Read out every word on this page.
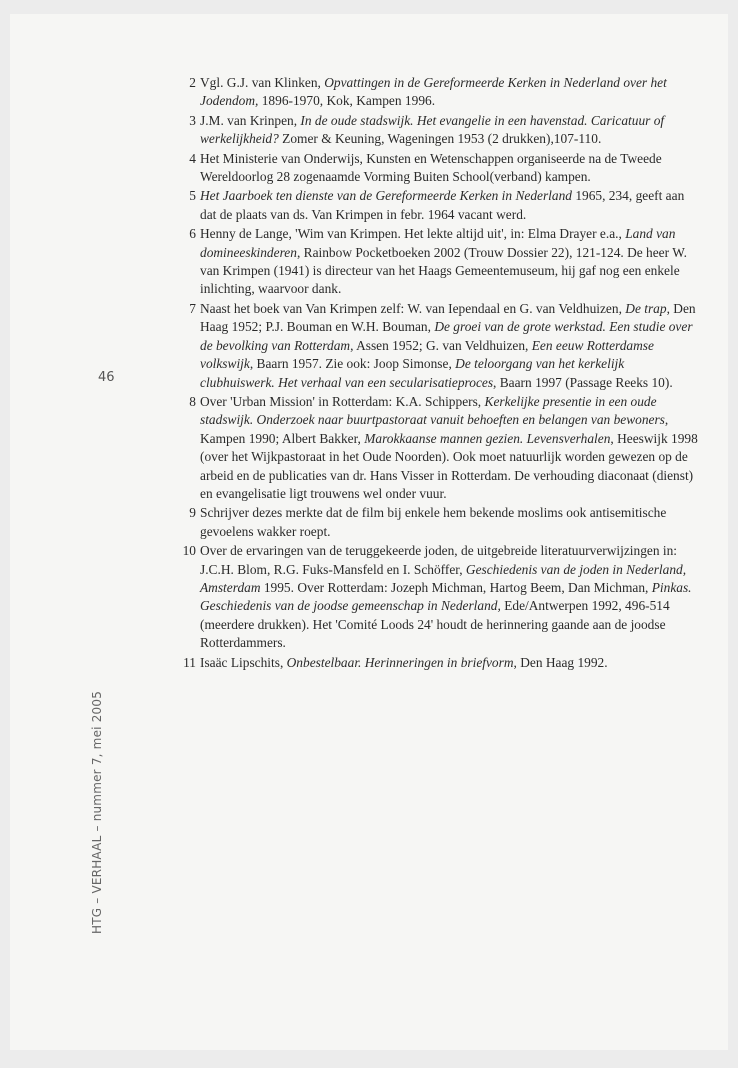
46
HTG – VERHAAL – nummer 7, mei 2005
2 Vgl. G.J. van Klinken, Opvattingen in de Gereformeerde Kerken in Nederland over het Jodendom, 1896-1970, Kok, Kampen 1996.
3 J.M. van Krinpen, In de oude stadswijk. Het evangelie in een havenstad. Caricatuur of werkelijkheid? Zomer & Keuning, Wageningen 1953 (2 drukken),107-110.
4 Het Ministerie van Onderwijs, Kunsten en Wetenschappen organiseerde na de Tweede Wereldoorlog 28 zogenaamde Vorming Buiten School(verband) kampen.
5 Het Jaarboek ten dienste van de Gereformeerde Kerken in Nederland 1965, 234, geeft aan dat de plaats van ds. Van Krimpen in febr. 1964 vacant werd.
6 Henny de Lange, 'Wim van Krimpen. Het lekte altijd uit', in: Elma Drayer e.a., Land van domineeskinderen, Rainbow Pocketboeken 2002 (Trouw Dossier 22), 121-124. De heer W. van Krimpen (1941) is directeur van het Haags Gemeentemuseum, hij gaf nog een enkele inlichting, waarvoor dank.
7 Naast het boek van Van Krimpen zelf: W. van Iependaal en G. van Veldhuizen, De trap, Den Haag 1952; P.J. Bouman en W.H. Bouman, De groei van de grote werkstad. Een studie over de bevolking van Rotterdam, Assen 1952; G. van Veldhuizen, Een eeuw Rotterdamse volkswijk, Baarn 1957. Zie ook: Joop Simonse, De teloorgang van het kerkelijk clubhuiswerk. Het verhaal van een secularisatieproces, Baarn 1997 (Passage Reeks 10).
8 Over 'Urban Mission' in Rotterdam: K.A. Schippers, Kerkelijke presentie in een oude stadswijk. Onderzoek naar buurtpastoraat vanuit behoeften en belangen van bewoners, Kampen 1990; Albert Bakker, Marokkaanse mannen gezien. Levensverhalen, Heeswijk 1998 (over het Wijkpastoraat in het Oude Noorden). Ook moet natuurlijk worden gewezen op de arbeid en de publicaties van dr. Hans Visser in Rotterdam. De verhouding diaconaat (dienst) en evangelisatie ligt trouwens wel onder vuur.
9 Schrijver dezes merkte dat de film bij enkele hem bekende moslims ook antisemitische gevoelens wakker roept.
10 Over de ervaringen van de teruggekeerde joden, de uitgebreide literatuurverwijzingen in: J.C.H. Blom, R.G. Fuks-Mansfeld en I. Schöffer, Geschiedenis van de joden in Nederland, Amsterdam 1995. Over Rotterdam: Jozeph Michman, Hartog Beem, Dan Michman, Pinkas. Geschiedenis van de joodse gemeenschap in Nederland, Ede/Antwerpen 1992, 496-514 (meerdere drukken). Het 'Comité Loods 24' houdt de herinnering gaande aan de joodse Rotterdammers.
11 Isaäc Lipschits, Onbestelbaar. Herinneringen in briefvorm, Den Haag 1992.
